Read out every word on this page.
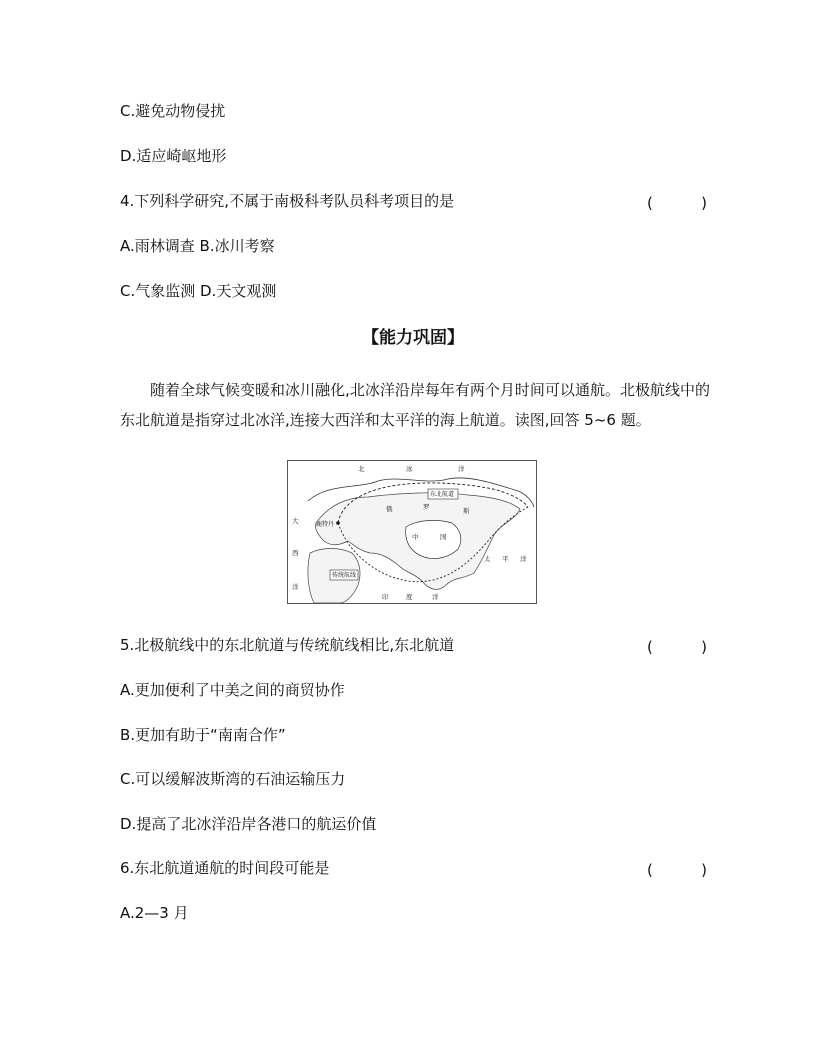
C.避免动物侵扰
D.适应崎岖地形
4.下列科学研究,不属于南极科考队员科考项目的是	(	)
A.雨林调查 B.冰川考察
C.气象监测 D.天文观测
【能力巩固】
随着全球气候变暖和冰川融化,北冰洋沿岸每年有两个月时间可以通航。北极航线中的东北航道是指穿过北冰洋,连接大西洋和太平洋的海上航道。读图,回答 5~6 题。
北	冰	洋
东北航道
俄	罗	斯
大
西
洋
鹿特丹
中	国
太 平 洋
传统航线
印	度	洋
5.北极航线中的东北航道与传统航线相比,东北航道	(	)
A.更加便利了中美之间的商贸协作
B.更加有助于“南南合作”
C.可以缓解波斯湾的石油运输压力
D.提高了北冰洋沿岸各港口的航运价值
6.东北航道通航的时间段可能是	(	)
A.2—3 月
